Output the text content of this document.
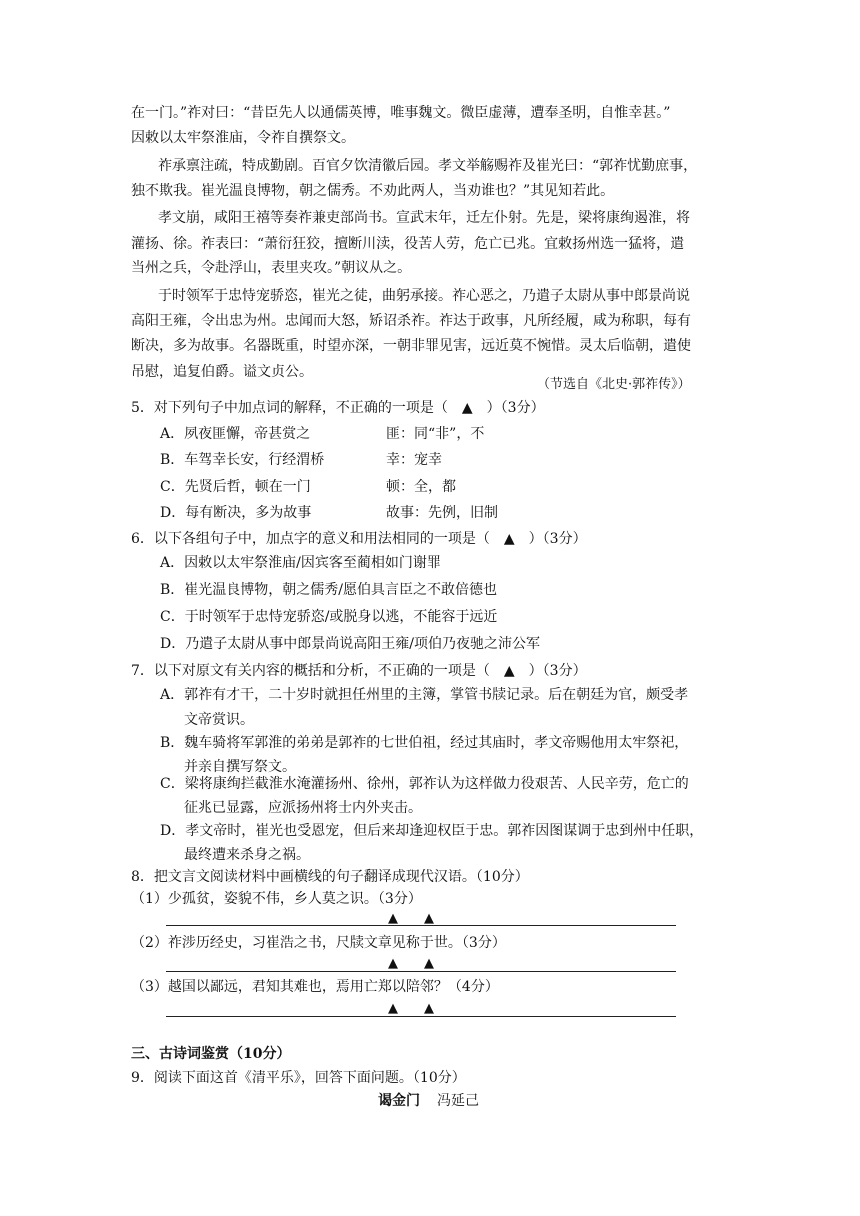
在一门。”祚对曰：“昔臣先人以通儒英博，唯事魏文。微臣虚薄，遭奉圣明，自惟幸甚。”
因敕以太牢祭淮庙，令祚自撰祭文。
祚承禀注疏，特成勤剧。百官夕饮清徽后园。孝文举觞赐祚及崔光曰：“郭祚忧勤庶事，
独不欺我。崔光温良博物，朝之儒秀。不劝此两人，当劝谁也？”其见知若此。
孝文崩，咸阳王禧等奏祚兼吏部尚书。宣武末年，迁左仆射。先是，梁将康绚遏淮，将
灌扬、徐。祚表曰：“萧衍狂狡，擅断川渎，役苦人劳，危亡已兆。宜敕扬州选一猛将，遣
当州之兵，令赴浮山，表里夹攻。”朝议从之。
于时领军于忠恃宠骄恣，崔光之徒，曲躬承接。祚心恶之，乃遣子太尉从事中郎景尚说
高阳王雍，令出忠为州。忠闻而大怒，矫诏杀祚。祚达于政事，凡所经履，咸为称职，每有
断决，多为故事。名器既重，时望亦深，一朝非罪见害，远近莫不惋惜。灵太后临朝，遣使
吊慰，追复伯爵。谥文贞公。
（节选自《北史·郭祚传》）
5．对下列句子中加点词的解释，不正确的一项是（　▲　）（3分）
A．夙夜匪懈，帝甚赏之	匪：同“非”，不
B．车驾幸长安，行经渭桥	幸：宠幸
C．先贤后哲，顿在一门	顿：全，都
D．每有断决，多为故事	故事：先例，旧制
6．以下各组句子中，加点字的意义和用法相同的一项是（　▲　）（3分）
A．因敕以太牢祭淮庙/因宾客至蔺相如门谢罪
B．崔光温良博物，朝之儒秀/愿伯具言臣之不敢倍德也
C．于时领军于忠恃宠骄恣/或脱身以逃，不能容于远近
D．乃遣子太尉从事中郎景尚说高阳王雍/项伯乃夜驰之沛公军
7．以下对原文有关内容的概括和分析，不正确的一项是（　▲　）（3分）
A．郭祚有才干，二十岁时就担任州里的主簿，掌管书牍记录。后在朝廷为官，颇受孝
文帝赏识。
B．魏车骑将军郭淮的弟弟是郭祚的七世伯祖，经过其庙时，孝文帝赐他用太牢祭祀，
并亲自撰写祭文。
C．梁将康绚拦截淮水淹灌扬州、徐州，郭祚认为这样做力役艰苦、人民辛劳，危亡的
征兆已显露，应派扬州将士内外夹击。
D．孝文帝时，崔光也受恩宠，但后来却逢迎权臣于忠。郭祚因图谋调于忠到州中任职，
最终遭来杀身之祸。
8．把文言文阅读材料中画横线的句子翻译成现代汉语。（10分）
（1）少孤贫，姿貌不伟，乡人莫之识。（3分）
▲　　▲
（2）祚涉历经史，习崔浩之书，尺牍文章见称于世。（3分）
▲　　▲
（3）越国以鄙远，君知其难也，焉用亡郑以陪邻？（4分）
▲　　▲
三、古诗词鉴赏（10分）
9．阅读下面这首《清平乐》，回答下面问题。（10分）
谒金门 冯延己
